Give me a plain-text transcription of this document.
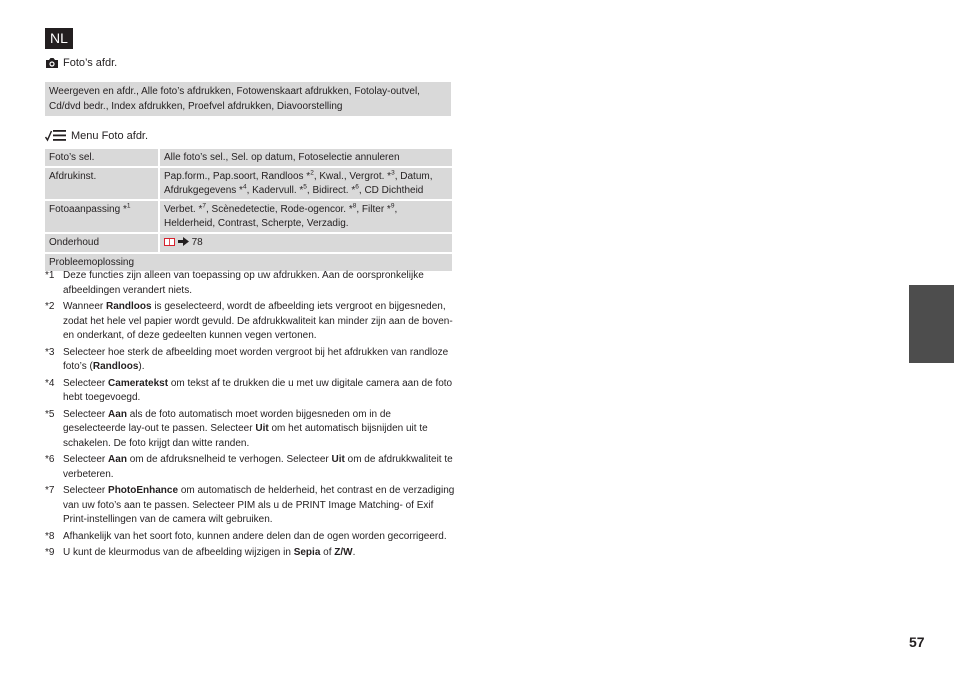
NL
Foto’s afdr.
Weergeven en afdr., Alle foto’s afdrukken, Fotowenskaart afdrukken, Fotolay-outvel, Cd/dvd bedr., Index afdrukken, Proefvel afdrukken, Diavoorstelling
Menu Foto afdr.
Foto’s sel.	Alle foto’s sel., Sel. op datum, Fotoselectie annuleren
Afdrukinst.	Pap.form., Pap.soort, Randloos *$^2$, Kwal., Vergrot. *$^3$, Datum, Afdrukgegevens *$^4$, Kadervull. *$^5$, Bidirect. *$^6$, CD Dichtheid
Fotoaanpassing *$^1$	Verbet. *$^7$, Scènedetectie, Rode-ogencor. *$^8$, Filter *$^9$, Helderheid, Contrast, Scherpte, Verzadig.
Onderhoud	78
Probleemoplossing	
*1 Deze functies zijn alleen van toepassing op uw afdrukken. Aan de oorspronkelijke afbeeldingen verandert niets.
*2 Wanneer Randloos is geselecteerd, wordt de afbeelding iets vergroot en bijgesneden, zodat het hele vel papier wordt gevuld. De afdrukkwaliteit kan minder zijn aan de boven- en onderkant, of deze gedeelten kunnen vegen vertonen.
*3 Selecteer hoe sterk de afbeelding moet worden vergroot bij het afdrukken van randloze foto’s (Randloos).
*4 Selecteer Cameratekst om tekst af te drukken die u met uw digitale camera aan de foto hebt toegevoegd.
*5 Selecteer Aan als de foto automatisch moet worden bijgesneden om in de geselecteerde lay-out te passen. Selecteer Uit om het automatisch bijsnijden uit te schakelen. De foto krijgt dan witte randen.
*6 Selecteer Aan om de afdruksnelheid te verhogen. Selecteer Uit om de afdrukkwaliteit te verbeteren.
*7 Selecteer PhotoEnhance om automatisch de helderheid, het contrast en de verzadiging van uw foto’s aan te passen. Selecteer PIM als u de PRINT Image Matching- of Exif Print-instellingen van de camera wilt gebruiken.
*8 Afhankelijk van het soort foto, kunnen andere delen dan de ogen worden gecorrigeerd.
*9 U kunt de kleurmodus van de afbeelding wijzigen in Sepia of Z/W.
57
